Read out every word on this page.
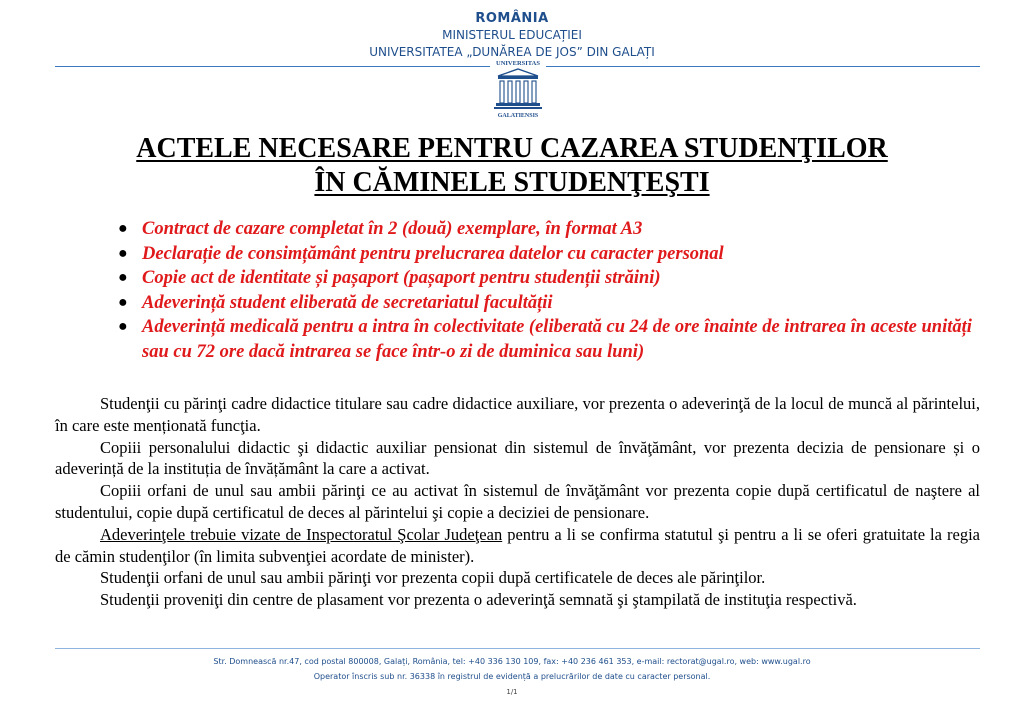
ROMÂNIA
MINISTERUL EDUCAȚIEI
UNIVERSITATEA „DUNĂREA DE JOS” DIN GALAȚI
UNIVERSITAS
GALATIENSIS
ACTELE NECESARE PENTRU CAZAREA STUDENŢILOR
ÎN CĂMINELE STUDENŢEŞTI
● Contract de cazare completat în 2 (două) exemplare, în format A3
● Declarație de consimțământ pentru prelucrarea datelor cu caracter personal
● Copie act de identitate și pașaport (pașaport pentru studenții străini)
● Adeverință student eliberată de secretariatul facultății
● Adeverință medicală pentru a intra în colectivitate (eliberată cu 24 de ore înainte de intrarea în aceste unități sau cu 72 ore dacă intrarea se face într-o zi de duminica sau luni)

Studenţii cu părinţi cadre didactice titulare sau cadre didactice auxiliare, vor prezenta o adeverinţă de la locul de muncă al părintelui, în care este menționată funcţia.

Copiii personalului didactic şi didactic auxiliar pensionat din sistemul de învăţământ, vor prezenta decizia de pensionare și o adeverință de la instituția de învățământ la care a activat.

Copiii orfani de unul sau ambii părinţi ce au activat în sistemul de învăţământ vor prezenta copie după certificatul de naştere al studentului, copie după certificatul de deces al părintelui şi copie a deciziei de pensionare.

Adeverinţele trebuie vizate de Inspectoratul Şcolar Judeţean pentru a li se confirma statutul şi pentru a li se oferi gratuitate la regia de cămin studenţilor (în limita subvenţiei acordate de minister).

Studenţii orfani de unul sau ambii părinţi vor prezenta copii după certificatele de deces ale părinţilor.

Studenţii proveniţi din centre de plasament vor prezenta o adeverinţă semnată şi ştampilată de instituţia respectivă.

Str. Domnească nr.47, cod postal 800008, Galați, România, tel: +40 336 130 109, fax: +40 236 461 353, e-mail: rectorat@ugal.ro, web: www.ugal.ro
Operator înscris sub nr. 36338 în registrul de evidență a prelucrărilor de date cu caracter personal.
1/1
